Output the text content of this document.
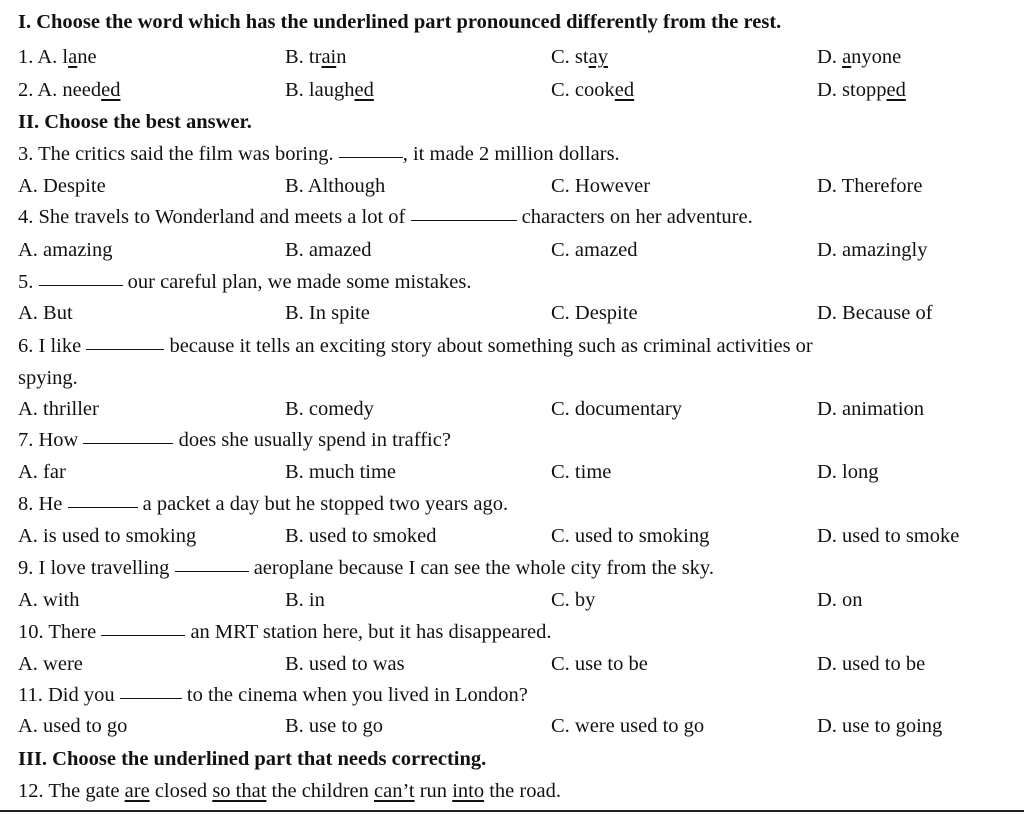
I. Choose the word which has the underlined part pronounced differently from the rest.
1. A. lane	B. train	C. stay	D. anyone
2. A. needed	B. laughed	C. cooked	D. stopped
II. Choose the best answer.
3. The critics said the film was boring.	, it made 2 million dollars.
A. Despite	B. Although	C. However	D. Therefore
4. She travels to Wonderland and meets a lot of	characters on her adventure.
A. amazing	B. amazed	C. amazed	D. amazingly
5.	our careful plan, we made some mistakes.
A. But	B. In spite	C. Despite	D. Because of
6. I like	because it tells an exciting story about something such as criminal activities or
spying.
A. thriller	B. comedy	C. documentary	D. animation
7. How	does she usually spend in traffic?
A. far	B. much time	C. time	D. long
8. He	a packet a day but he stopped two years ago.
A. is used to smoking	B. used to smoked	C. used to smoking	D. used to smoke
9. I love travelling	aeroplane because I can see the whole city from the sky.
A. with	B. in	C. by	D. on
10. There	an MRT station here, but it has disappeared.
A. were	B. used to was	C. use to be	D. used to be
11. Did you	to the cinema when you lived in London?
A. used to go	B. use to go	C. were used to go	D. use to going
III. Choose the underlined part that needs correcting.
12. The gate are closed so that the children can’t run into the road.
